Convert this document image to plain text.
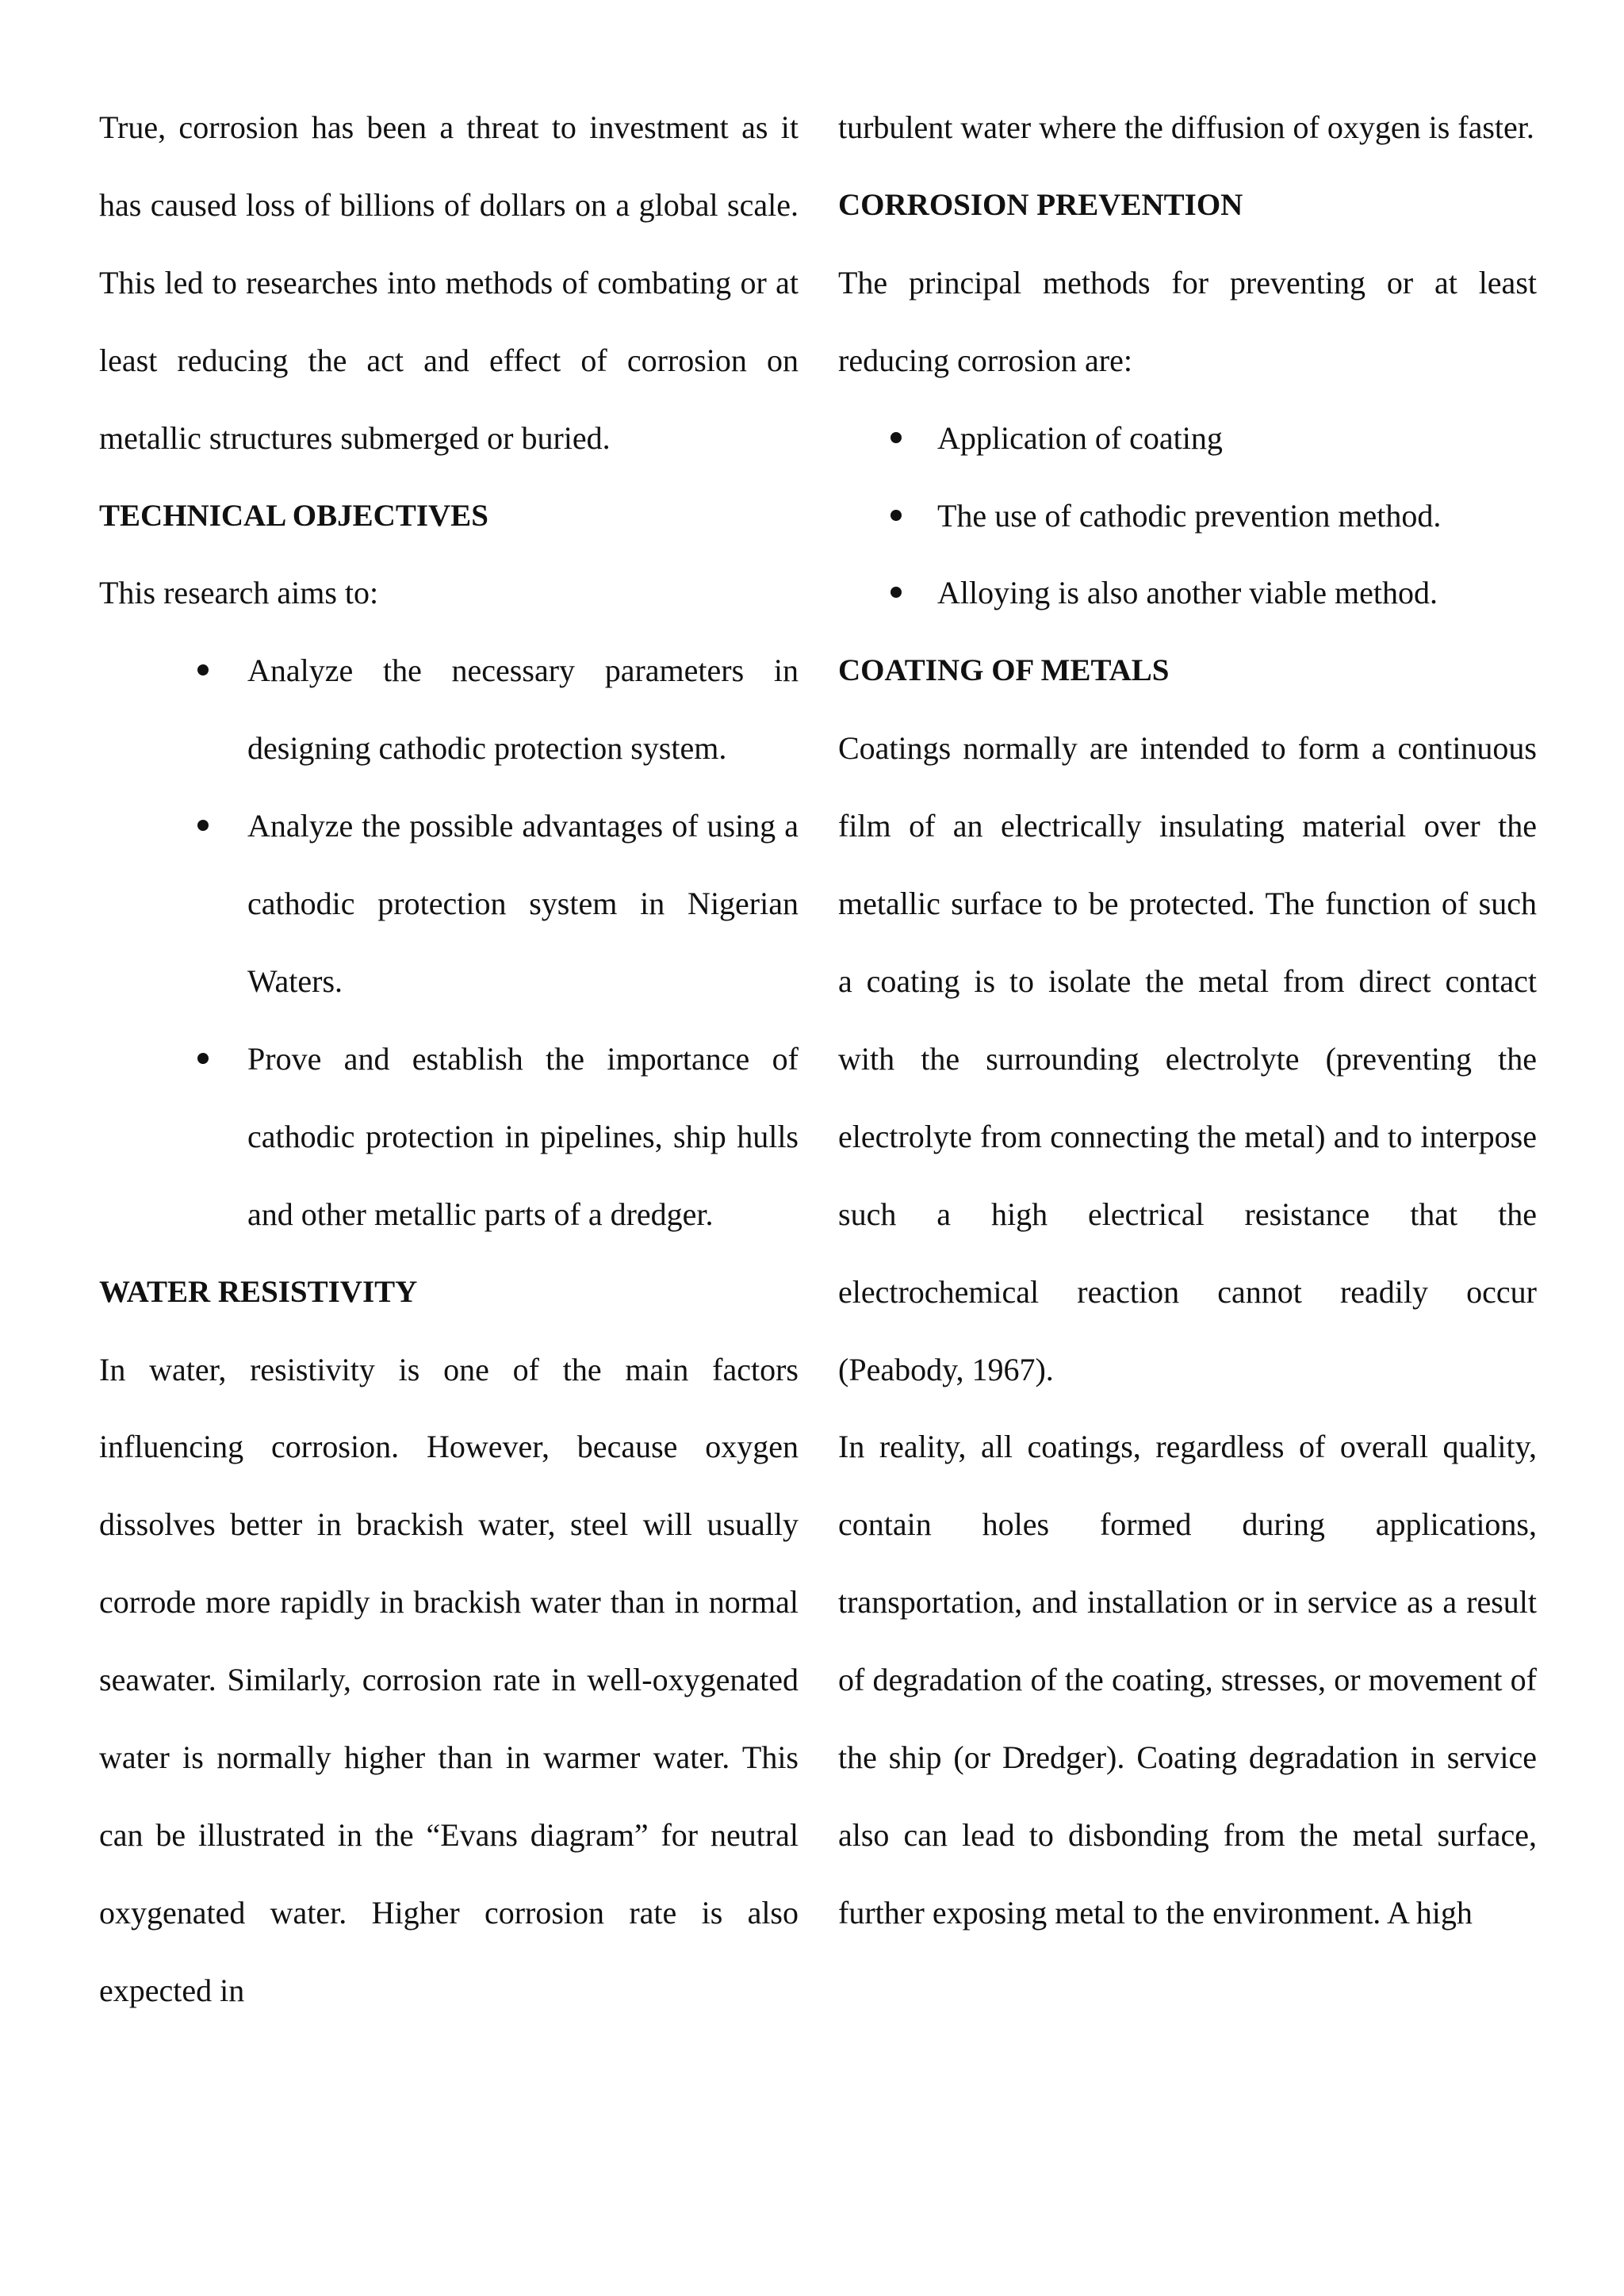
True, corrosion has been a threat to investment as it has caused loss of billions of dollars on a global scale. This led to researches into methods of combating or at least reducing the act and effect of corrosion on metallic structures submerged or buried.

TECHNICAL OBJECTIVES

This research aims to:

Analyze the necessary parameters in designing cathodic protection system.
Analyze the possible advantages of using a cathodic protection system in Nigerian Waters.
Prove and establish the importance of cathodic protection in pipelines, ship hulls and other metallic parts of a dredger.
WATER RESISTIVITY

In water, resistivity is one of the main factors influencing corrosion. However, because oxygen dissolves better in brackish water, steel will usually corrode more rapidly in brackish water than in normal seawater. Similarly, corrosion rate in well-oxygenated water is normally higher than in warmer water. This can be illustrated in the “Evans diagram” for neutral oxygenated water. Higher corrosion rate is also expected in

turbulent water where the diffusion of oxygen is faster.

CORROSION PREVENTION

The principal methods for preventing or at least reducing corrosion are:

Application of coating
The use of cathodic prevention method.
Alloying is also another viable method.
COATING OF METALS

Coatings normally are intended to form a continuous film of an electrically insulating material over the metallic surface to be protected. The function of such a coating is to isolate the metal from direct contact with the surrounding electrolyte (preventing the electrolyte from connecting the metal) and to interpose such a high electrical resistance that the electrochemical reaction cannot readily occur (Peabody, 1967).

In reality, all coatings, regardless of overall quality, contain holes formed during applications, transportation, and installation or in service as a result of degradation of the coating, stresses, or movement of the ship (or Dredger). Coating degradation in service also can lead to disbonding from the metal surface, further exposing metal to the environment. A high
